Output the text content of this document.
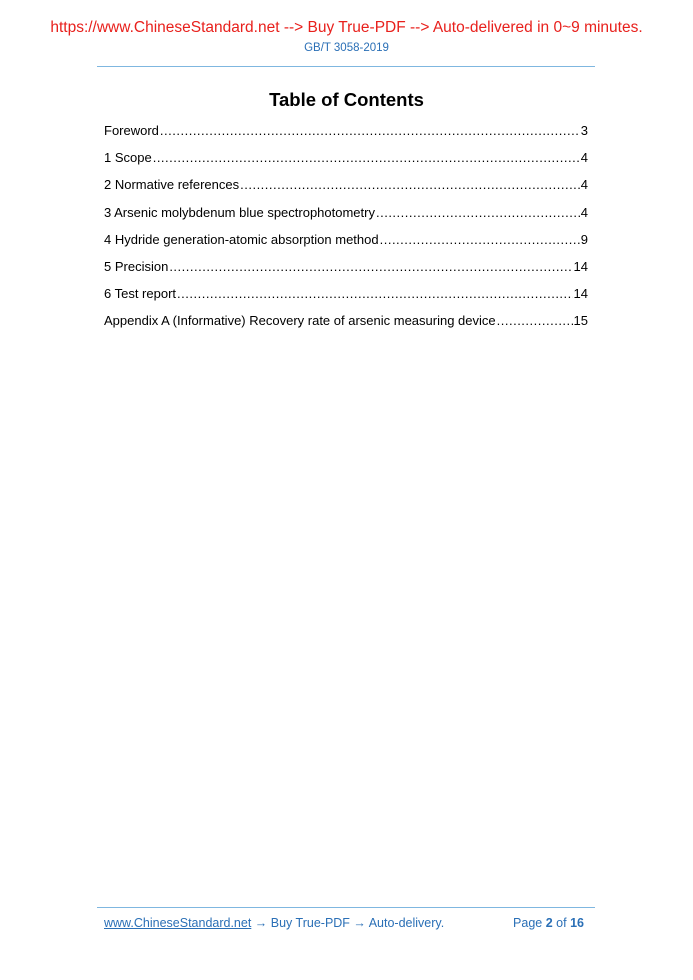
https://www.ChineseStandard.net --> Buy True-PDF --> Auto-delivered in 0~9 minutes.
GB/T 3058-2019
Table of Contents
Foreword .....	3
1 Scope .....	4
2 Normative references .....	4
3 Arsenic molybdenum blue spectrophotometry .....	4
4 Hydride generation-atomic absorption method .....	9
5 Precision .....	14
6 Test report .....	14
Appendix A (Informative) Recovery rate of arsenic measuring device .....	15
www.ChineseStandard.net → Buy True-PDF → Auto-delivery.	Page 2 of 16
